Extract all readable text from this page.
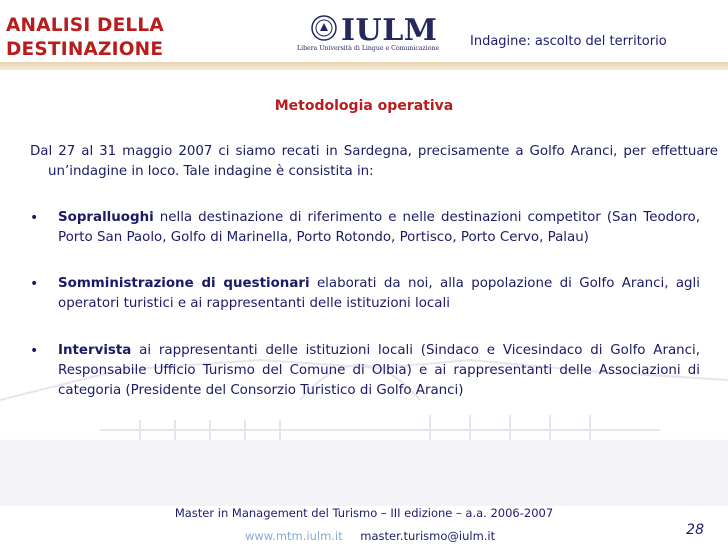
ANALISI DELLA
DESTINAZIONE
IULM
Libera Università di Lingue e Comunicazione	Indagine: ascolto del territorio
Metodologia operativa
Dal 27 al 31 maggio 2007 ci siamo recati in Sardegna, precisamente a Golfo Aranci, per effettuare un’indagine in loco. Tale indagine è consistita in:
•	Sopralluoghi nella destinazione di riferimento e nelle destinazioni competitor (San Teodoro, Porto San Paolo, Golfo di Marinella, Porto Rotondo, Portisco, Porto Cervo, Palau)
•	Somministrazione di questionari elaborati da noi, alla popolazione di Golfo Aranci, agli operatori turistici e ai rappresentanti delle istituzioni locali
•	Intervista ai rappresentanti delle istituzioni locali (Sindaco e Vicesindaco di Golfo Aranci, Responsabile Ufficio Turismo del Comune di Olbia) e ai rappresentanti delle Associazioni di categoria (Presidente del Consorzio Turistico di Golfo Aranci)
Master in Management del Turismo – III edizione – a.a. 2006-2007
www.mtm.iulm.it master.turismo@iulm.it	28
